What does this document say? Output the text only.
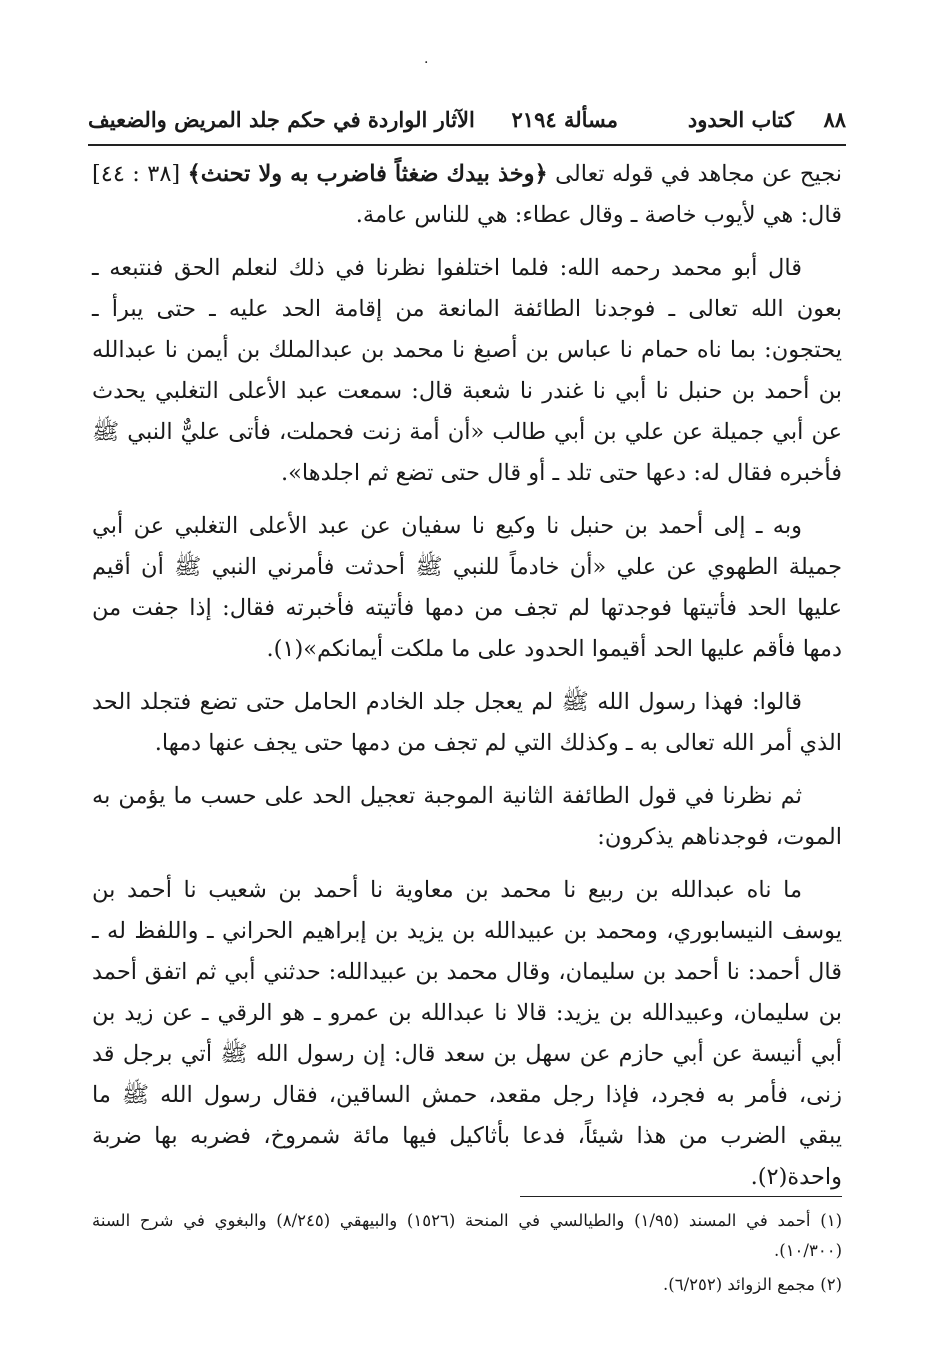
·
٨٨
كتاب الحدود
مسألة ٢١٩٤
الآثار الواردة في حكم جلد المريض والضعيف

نجيح عن مجاهد في قوله تعالى ﴿وخذ بيدك ضغثاً فاضرب به ولا تحنث﴾ [٣٨ : ٤٤] قال: هي لأيوب خاصة ـ وقال عطاء: هي للناس عامة.

قال أبو محمد رحمه الله: فلما اختلفوا نظرنا في ذلك لنعلم الحق فنتبعه ـ بعون الله تعالى ـ فوجدنا الطائفة المانعة من إقامة الحد عليه ـ حتى يبرأ ـ يحتجون: بما ناه حمام نا عباس بن أصبغ نا محمد بن عبدالملك بن أيمن نا عبدالله بن أحمد بن حنبل نا أبي نا غندر نا شعبة قال: سمعت عبد الأعلى التغلبي يحدث عن أبي جميلة عن علي بن أبي طالب «أن أمة زنت فحملت، فأتى عليٌّ النبي ﷺ فأخبره فقال له: دعها حتى تلد ـ أو قال حتى تضع ثم اجلدها».

وبه ـ إلى أحمد بن حنبل نا وكيع نا سفيان عن عبد الأعلى التغلبي عن أبي جميلة الطهوي عن علي «أن خادماً للنبي ﷺ أحدثت فأمرني النبي ﷺ أن أقيم عليها الحد فأتيتها فوجدتها لم تجف من دمها فأتيته فأخبرته فقال: إذا جفت من دمها فأقم عليها الحد أقيموا الحدود على ما ملكت أيمانكم»(١).

قالوا: فهذا رسول الله ﷺ لم يعجل جلد الخادم الحامل حتى تضع فتجلد الحد الذي أمر الله تعالى به ـ وكذلك التي لم تجف من دمها حتى يجف عنها دمها.

ثم نظرنا في قول الطائفة الثانية الموجبة تعجيل الحد على حسب ما يؤمن به الموت، فوجدناهم يذكرون:

ما ناه عبدالله بن ربيع نا محمد بن معاوية نا أحمد بن شعيب نا أحمد بن يوسف النيسابوري، ومحمد بن عبيدالله بن يزيد بن إبراهيم الحراني ـ واللفظ له ـ قال أحمد: نا أحمد بن سليمان، وقال محمد بن عبيدالله: حدثني أبي ثم اتفق أحمد بن سليمان، وعبيدالله بن يزيد: قالا نا عبدالله بن عمرو ـ هو الرقي ـ عن زيد بن أبي أنيسة عن أبي حازم عن سهل بن سعد قال: إن رسول الله ﷺ أتي برجل قد زنى، فأمر به فجرد، فإذا رجل مقعد، حمش الساقين، فقال رسول الله ﷺ ما يبقي الضرب من هذا شيئاً، فدعا بأثاكيل فيها مائة شمروخ، فضربه بها ضربة واحدة(٢).

(١) أحمد في المسند (١/٩٥) والطيالسي في المنحة (١٥٢٦) والبيهقي (٨/٢٤٥) والبغوي في شرح السنة (١٠/٣٠٠).

(٢) مجمع الزوائد (٦/٢٥٢).
